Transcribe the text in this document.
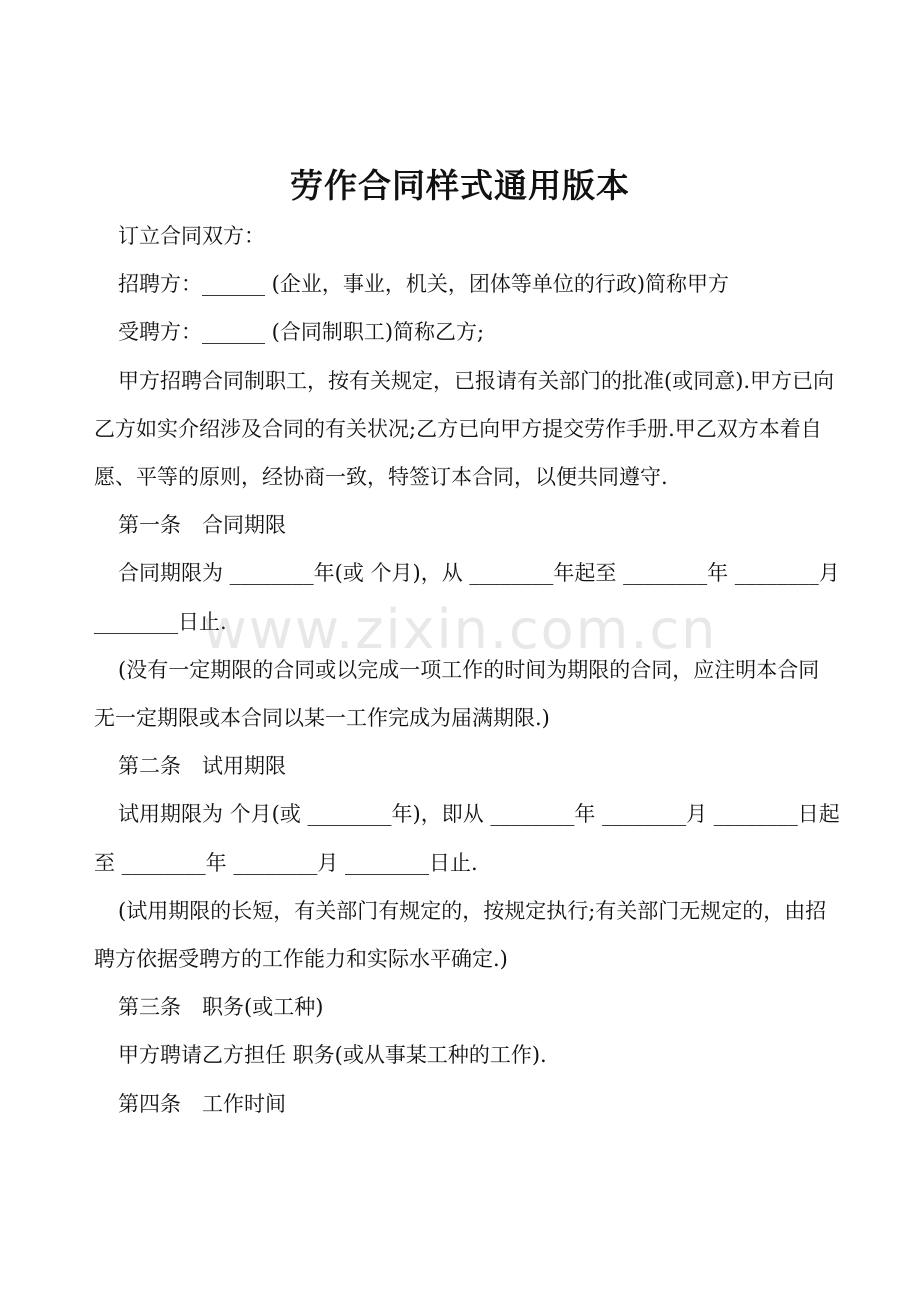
劳作合同样式通用版本

订立合同双方：

招聘方：______ (企业，事业，机关，团体等单位的行政)简称甲方

受聘方：______ (合同制职工)简称乙方;

甲方招聘合同制职工，按有关规定，已报请有关部门的批准(或同意).甲方已向乙方如实介绍涉及合同的有关状况;乙方已向甲方提交劳作手册.甲乙双方本着自愿、平等的原则，经协商一致，特签订本合同，以便共同遵守.

第一条　合同期限

合同期限为 ________年(或 个月)，从 ________年起至 ________年 ________月 ________日止.

(没有一定期限的合同或以完成一项工作的时间为期限的合同，应注明本合同无一定期限或本合同以某一工作完成为届满期限.)

第二条　试用期限

试用期限为 个月(或 ________年)，即从 ________年 ________月 ________日起至 ________年 ________月 ________日止.

(试用期限的长短，有关部门有规定的，按规定执行;有关部门无规定的，由招聘方依据受聘方的工作能力和实际水平确定.)

第三条　职务(或工种)

甲方聘请乙方担任 职务(或从事某工种的工作).

第四条　工作时间

www.zixin.com.cn
